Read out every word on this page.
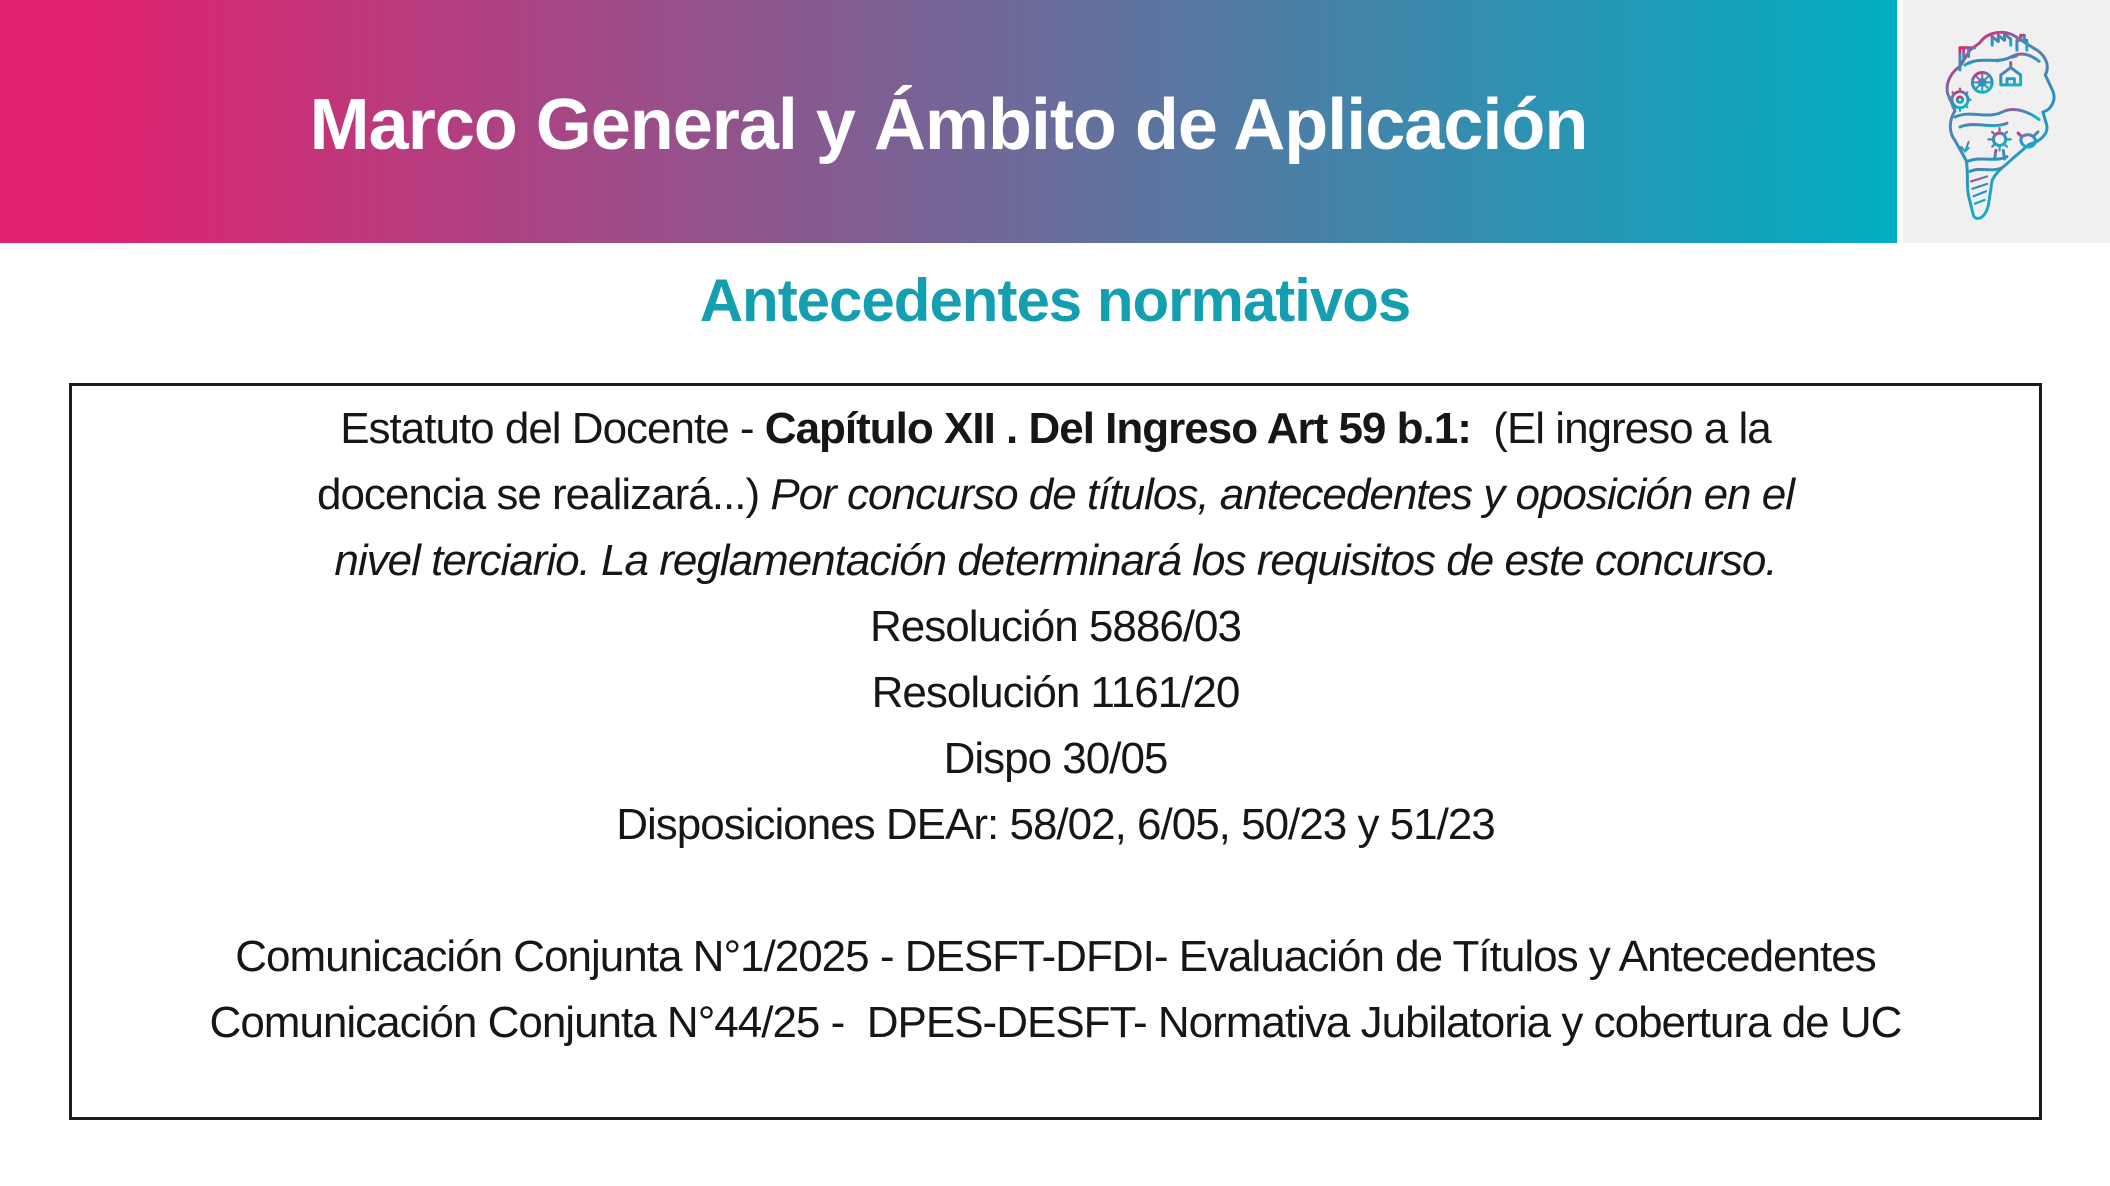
Marco General y Ámbito de Aplicación
Antecedentes normativos

Estatuto del Docente - Capítulo XII . Del Ingreso Art 59 b.1:  (El ingreso a la

docencia se realizará...) Por concurso de títulos, antecedentes y oposición en el

nivel terciario. La reglamentación determinará los requisitos de este concurso.

Resolución 5886/03

Resolución 1161/20

Dispo 30/05

Disposiciones DEAr: 58/02, 6/05, 50/23 y 51/23

Comunicación Conjunta N°1/2025 - DESFT-DFDI- Evaluación de Títulos y Antecedentes

Comunicación Conjunta N°44/25 -  DPES-DESFT- Normativa Jubilatoria y cobertura de UC
